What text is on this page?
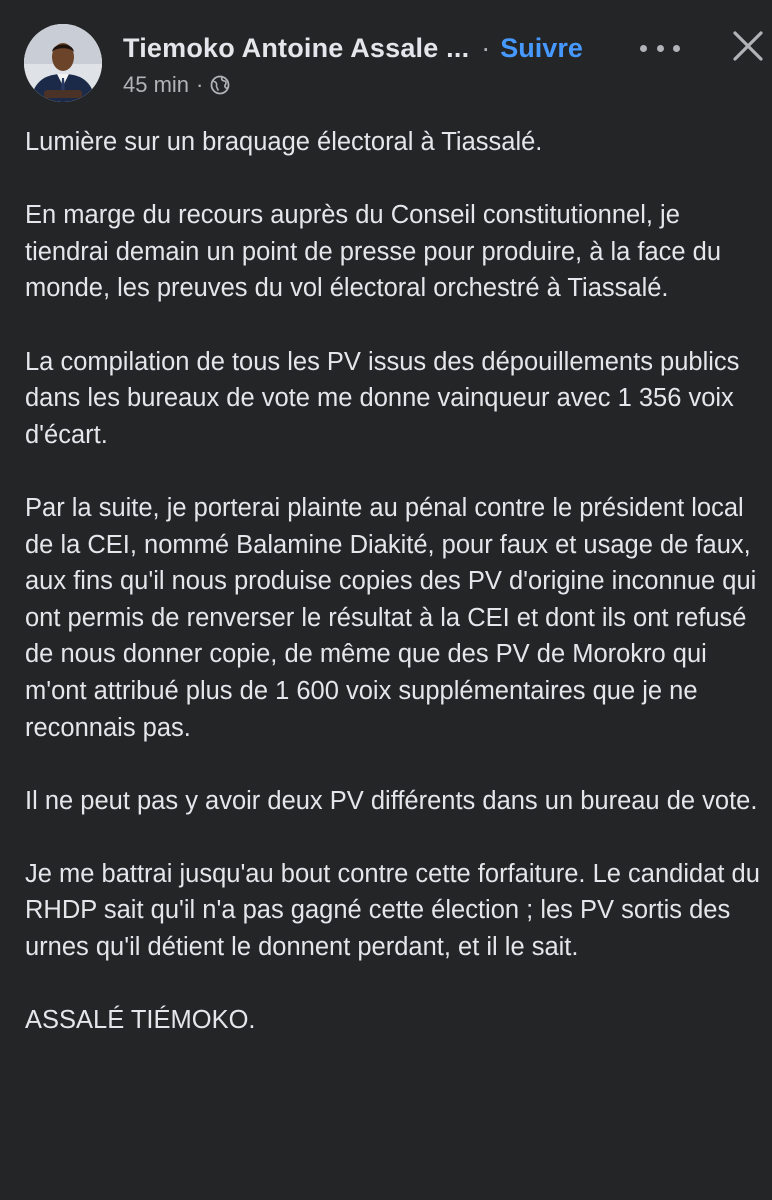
Tiemoko Antoine Assale ... · Suivre
45 min ·

Lumière sur un braquage électoral à Tiassalé.

En marge du recours auprès du Conseil constitutionnel, je tiendrai demain un point de presse pour produire, à la face du monde, les preuves du vol électoral orchestré à Tiassalé.

La compilation de tous les PV issus des dépouillements publics dans les bureaux de vote me donne vainqueur avec 1 356 voix d'écart.

Par la suite, je porterai plainte au pénal contre le président local de la CEI, nommé Balamine Diakité, pour faux et usage de faux, aux fins qu'il nous produise copies des PV d'origine inconnue qui ont permis de renverser le résultat à la CEI et dont ils ont refusé de nous donner copie, de même que des PV de Morokro qui m'ont attribué plus de 1 600 voix supplémentaires que je ne reconnais pas.

Il ne peut pas y avoir deux PV différents dans un bureau de vote.

Je me battrai jusqu'au bout contre cette forfaiture. Le candidat du RHDP sait qu'il n'a pas gagné cette élection ; les PV sortis des urnes qu'il détient le donnent perdant, et il le sait.

ASSALÉ TIÉMOKO.
